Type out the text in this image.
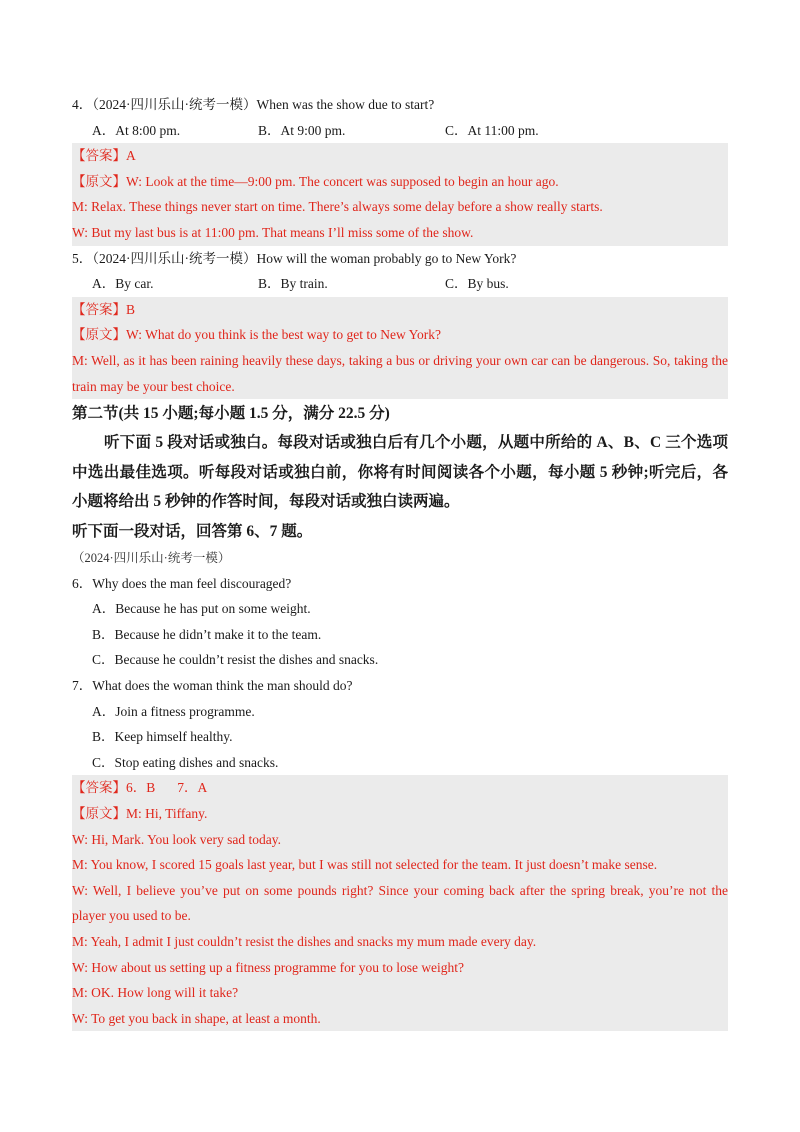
4．（2024·四川乐山·统考一模）When was the show due to start?
A．At 8:00 pm.	B．At 9:00 pm.	C．At 11:00 pm.
【答案】A
【原文】W: Look at the time—9:00 pm. The concert was supposed to begin an hour ago.
M: Relax. These things never start on time. There’s always some delay before a show really starts.
W: But my last bus is at 11:00 pm. That means I’ll miss some of the show.
5．（2024·四川乐山·统考一模）How will the woman probably go to New York?
A．By car.	B．By train.	C．By bus.
【答案】B
【原文】W: What do you think is the best way to get to New York?
M: Well, as it has been raining heavily these days, taking a bus or driving your own car can be dangerous. So, taking the train may be your best choice.
第二节(共 15 小题;每小题 1.5 分，满分 22.5 分)
听下面 5 段对话或独白。每段对话或独白后有几个小题，从题中所给的 A、B、C 三个选项中选出最佳选项。听每段对话或独白前，你将有时间阅读各个小题，每小题 5 秒钟;听完后，各小题将给出 5 秒钟的作答时间，每段对话或独白读两遍。
听下面一段对话，回答第 6、7 题。
（2024·四川乐山·统考一模）
6．Why does the man feel discouraged?
A．Because he has put on some weight.
B．Because he didn’t make it to the team.
C．Because he couldn’t resist the dishes and snacks.
7．What does the woman think the man should do?
A．Join a fitness programme.
B．Keep himself healthy.
C．Stop eating dishes and snacks.
【答案】6．B 7．A
【原文】M: Hi, Tiffany.
W: Hi, Mark. You look very sad today.
M: You know, I scored 15 goals last year, but I was still not selected for the team. It just doesn’t make sense.
W: Well, I believe you’ve put on some pounds right? Since your coming back after the spring break, you’re not the player you used to be.
M: Yeah, I admit I just couldn’t resist the dishes and snacks my mum made every day.
W: How about us setting up a fitness programme for you to lose weight?
M: OK. How long will it take?
W: To get you back in shape, at least a month.
